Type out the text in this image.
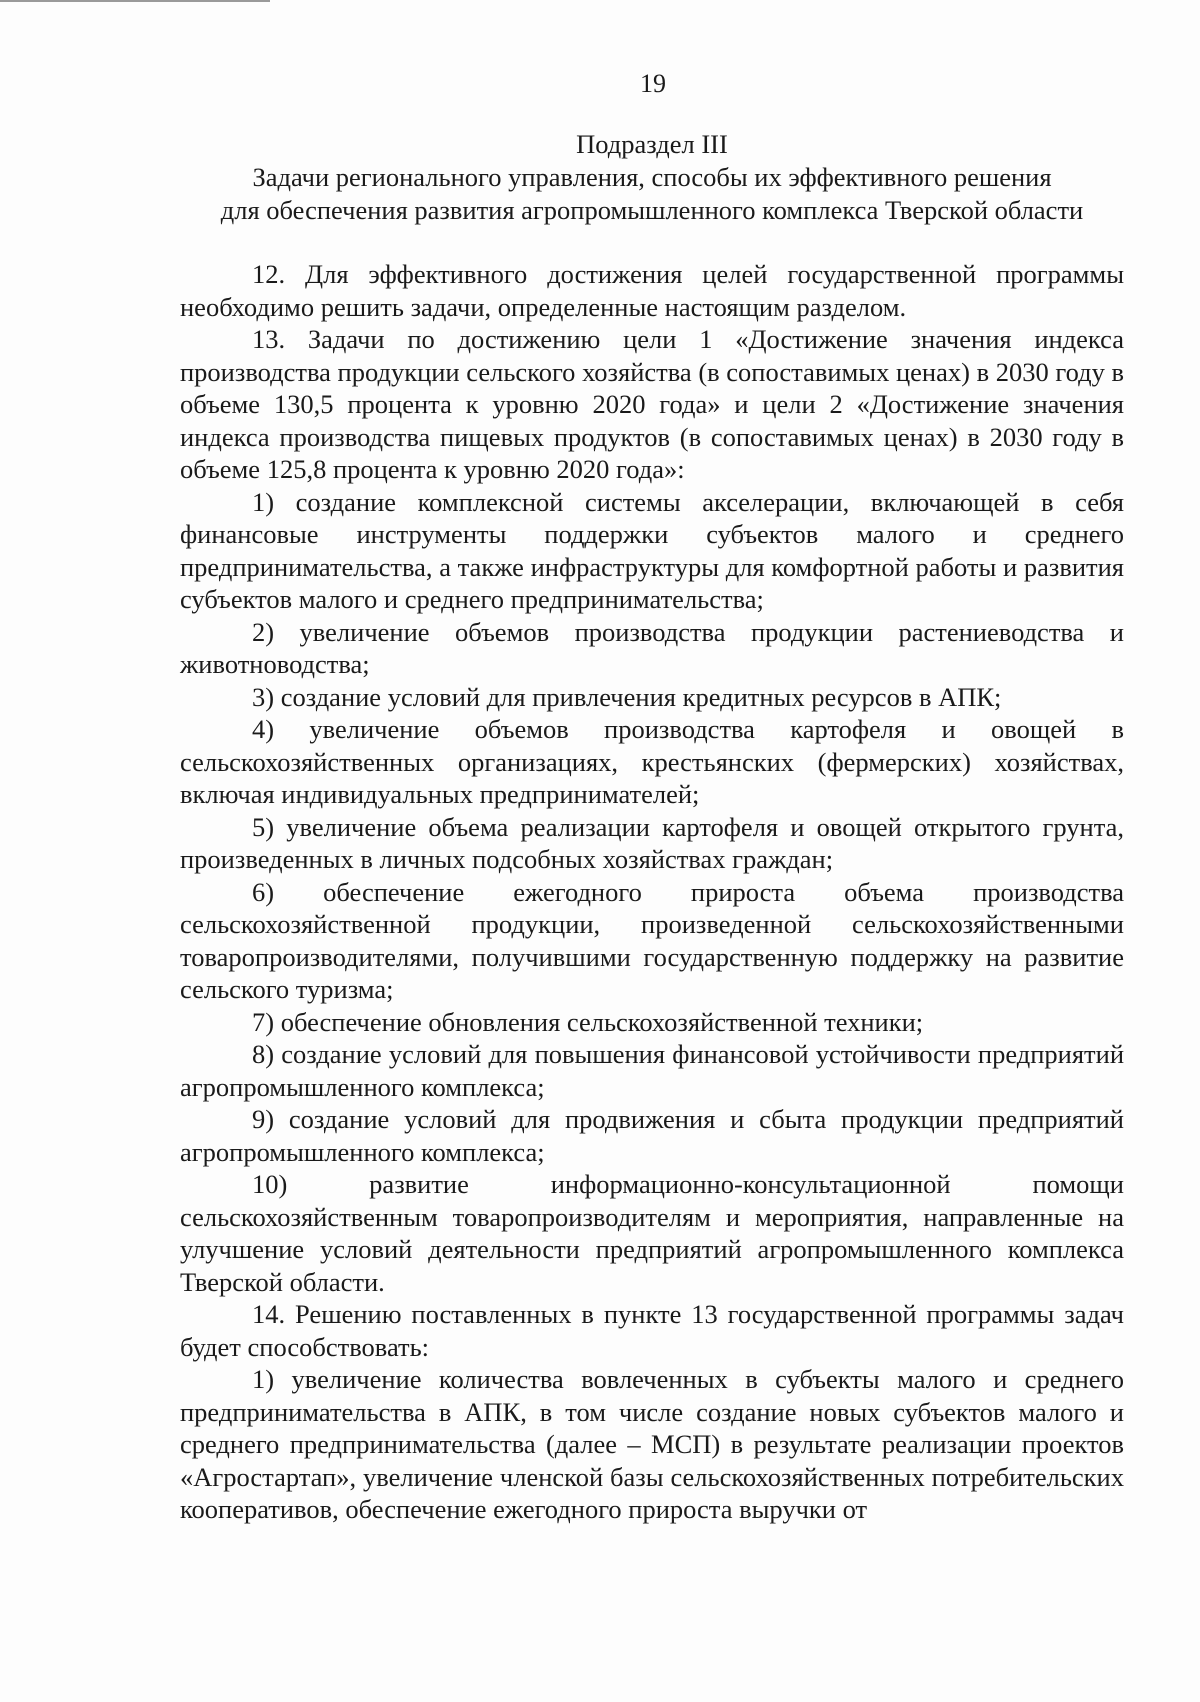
19
Подраздел III
Задачи регионального управления, способы их эффективного решения
для обеспечения развития агропромышленного комплекса Тверской области

12. Для эффективного достижения целей государственной программы необходимо решить задачи, определенные настоящим разделом.

13. Задачи по достижению цели 1 «Достижение значения индекса производства продукции сельского хозяйства (в сопоставимых ценах) в 2030 году в объеме 130,5 процента к уровню 2020 года» и цели 2 «Достижение значения индекса производства пищевых продуктов (в сопоставимых ценах) в 2030 году в объеме 125,8 процента к уровню 2020 года»:

1) создание комплексной системы акселерации, включающей в себя финансовые инструменты поддержки субъектов малого и среднего предпринимательства, а также инфраструктуры для комфортной работы и развития субъектов малого и среднего предпринимательства;

2) увеличение объемов производства продукции растениеводства и животноводства;

3) создание условий для привлечения кредитных ресурсов в АПК;

4) увеличение объемов производства картофеля и овощей в сельскохозяйственных организациях, крестьянских (фермерских) хозяйствах, включая индивидуальных предпринимателей;

5) увеличение объема реализации картофеля и овощей открытого грунта, произведенных в личных подсобных хозяйствах граждан;

6) обеспечение ежегодного прироста объема производства сельскохозяйственной продукции, произведенной сельскохозяйственными товаропроизводителями, получившими государственную поддержку на развитие сельского туризма;

7) обеспечение обновления сельскохозяйственной техники;

8) создание условий для повышения финансовой устойчивости предприятий агропромышленного комплекса;

9) создание условий для продвижения и сбыта продукции предприятий агропромышленного комплекса;

10) развитие информационно-консультационной помощи сельскохозяйственным товаропроизводителям и мероприятия, направленные на улучшение условий деятельности предприятий агропромышленного комплекса Тверской области.

14. Решению поставленных в пункте 13 государственной программы задач будет способствовать:

1) увеличение количества вовлеченных в субъекты малого и среднего предпринимательства в АПК, в том числе создание новых субъектов малого и среднего предпринимательства (далее – МСП) в результате реализации проектов «Агростартап», увеличение членской базы сельскохозяйственных потребительских кооперативов, обеспечение ежегодного прироста выручки от
